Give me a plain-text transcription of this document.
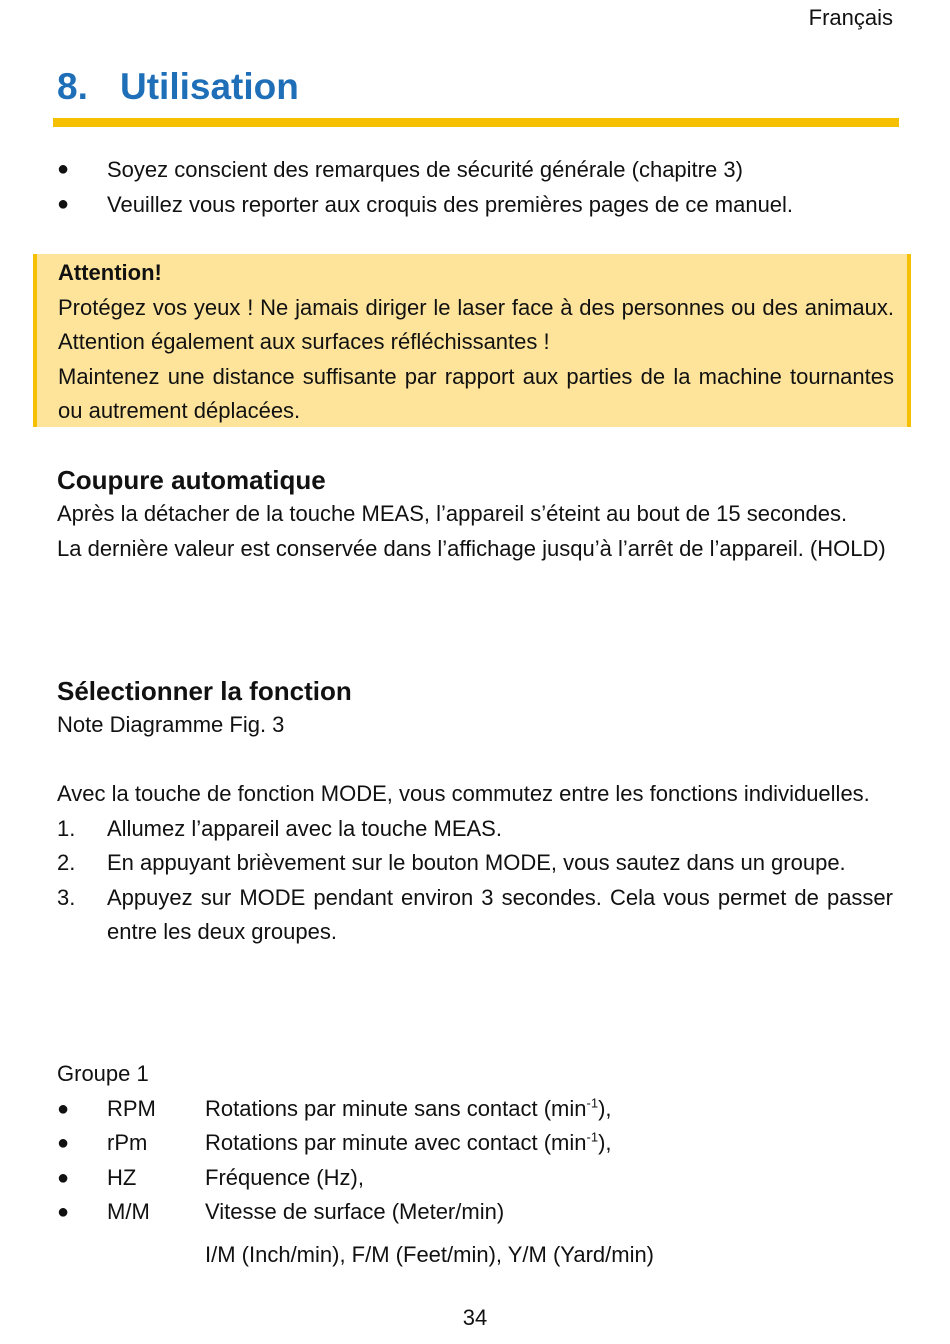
Français
8. Utilisation
●	Soyez conscient des remarques de sécurité générale (chapitre 3)
●	Veuillez vous reporter aux croquis des premières pages de ce manuel.
Attention!
Protégez vos yeux ! Ne jamais diriger le laser face à des personnes ou des animaux. Attention également aux surfaces réfléchissantes !
Maintenez une distance suffisante par rapport aux parties de la machine tournantes ou autrement déplacées.
Coupure automatique

Après la détacher de la touche MEAS, l’appareil s’éteint au bout de 15 secondes.

La dernière valeur est conservée dans l’affichage jusqu’à l’arrêt de l’appareil. (HOLD)

Sélectionner la fonction

Note Diagramme Fig. 3

Avec la touche de fonction MODE, vous commutez entre les fonctions individuelles.

1.	Allumez l’appareil avec la touche MEAS.
2.	En appuyant brièvement sur le bouton MODE, vous sautez dans un groupe.
3.	Appuyez sur MODE pendant environ 3 secondes. Cela vous permet de passer entre les deux groupes.
Groupe 1
●	RPM	Rotations par minute sans contact $(\min^{-1})$,
●	rPm	Rotations par minute avec contact $(\min^{-1})$,
●	HZ	Fréquence (Hz),
●	M/M	Vitesse de surface (Meter/min)
I/M (Inch/min), F/M (Feet/min), Y/M (Yard/min)
34
